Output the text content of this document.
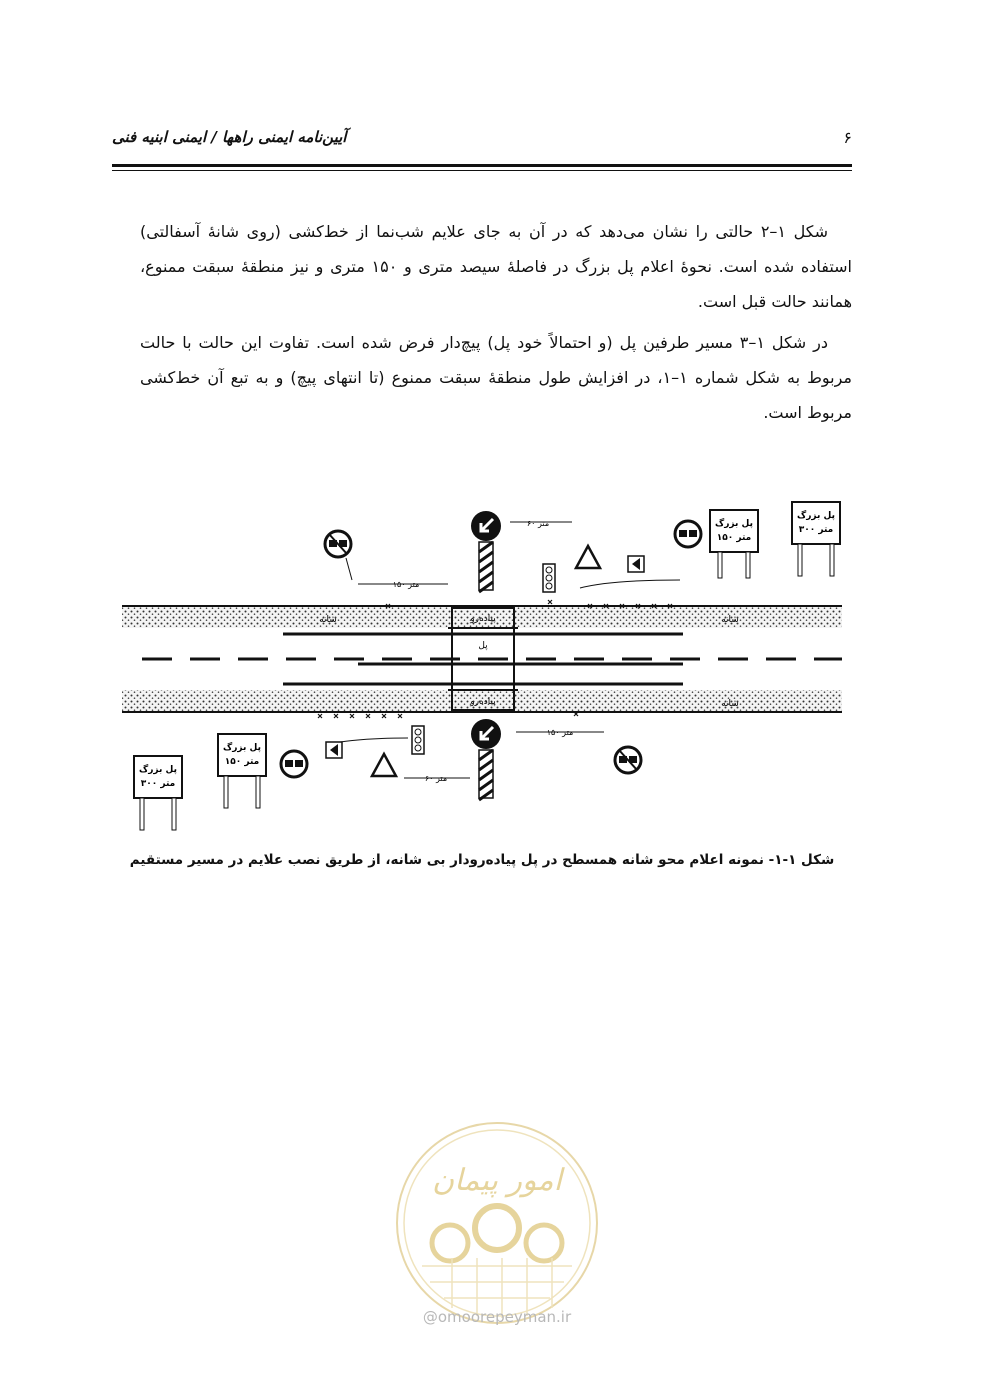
آیین‌نامه ایمنی راهها / ایمنی ابنیه فنی	۶

شکل ۱–۲ حالتی را نشان می‌دهد که در آن به جای علایم شب‌نما از خط‌کشی (روی شانهٔ آسفالتی) استفاده شده است. نحوهٔ اعلام پل بزرگ در فاصلهٔ سیصد متری و ۱۵۰ متری و نیز منطقهٔ سبقت ممنوع، همانند حالت قبل است.

در شکل ۱–۳ مسیر طرفین پل (و احتمالاً خود پل) پیچ‌دار فرض شده است. تفاوت این حالت با حالت مربوط به شکل شماره ۱–۱، در افزایش طول منطقهٔ سبقت ممنوع (تا انتهای پیچ) و به تبع آن خط‌کشی مربوط است.

شانه	شانه
شانه
پیاده‌رو
پیاده‌رو
پل
۱۵۰ متر
۱۵۰ متر
۶۰ متر
۶۰ متر
پل بزرگ
۱۵۰ متر
پل بزرگ
۳۰۰ متر
پل بزرگ
۱۵۰ متر
پل بزرگ
۳۰۰ متر
شکل ۱-۱- نمونه اعلام محو شانه همسطح در پل پیاده‌رودار بی شانه، از طریق نصب علایم در مسیر مستقیم
امور پیمان
@omoorepeyman.ir
